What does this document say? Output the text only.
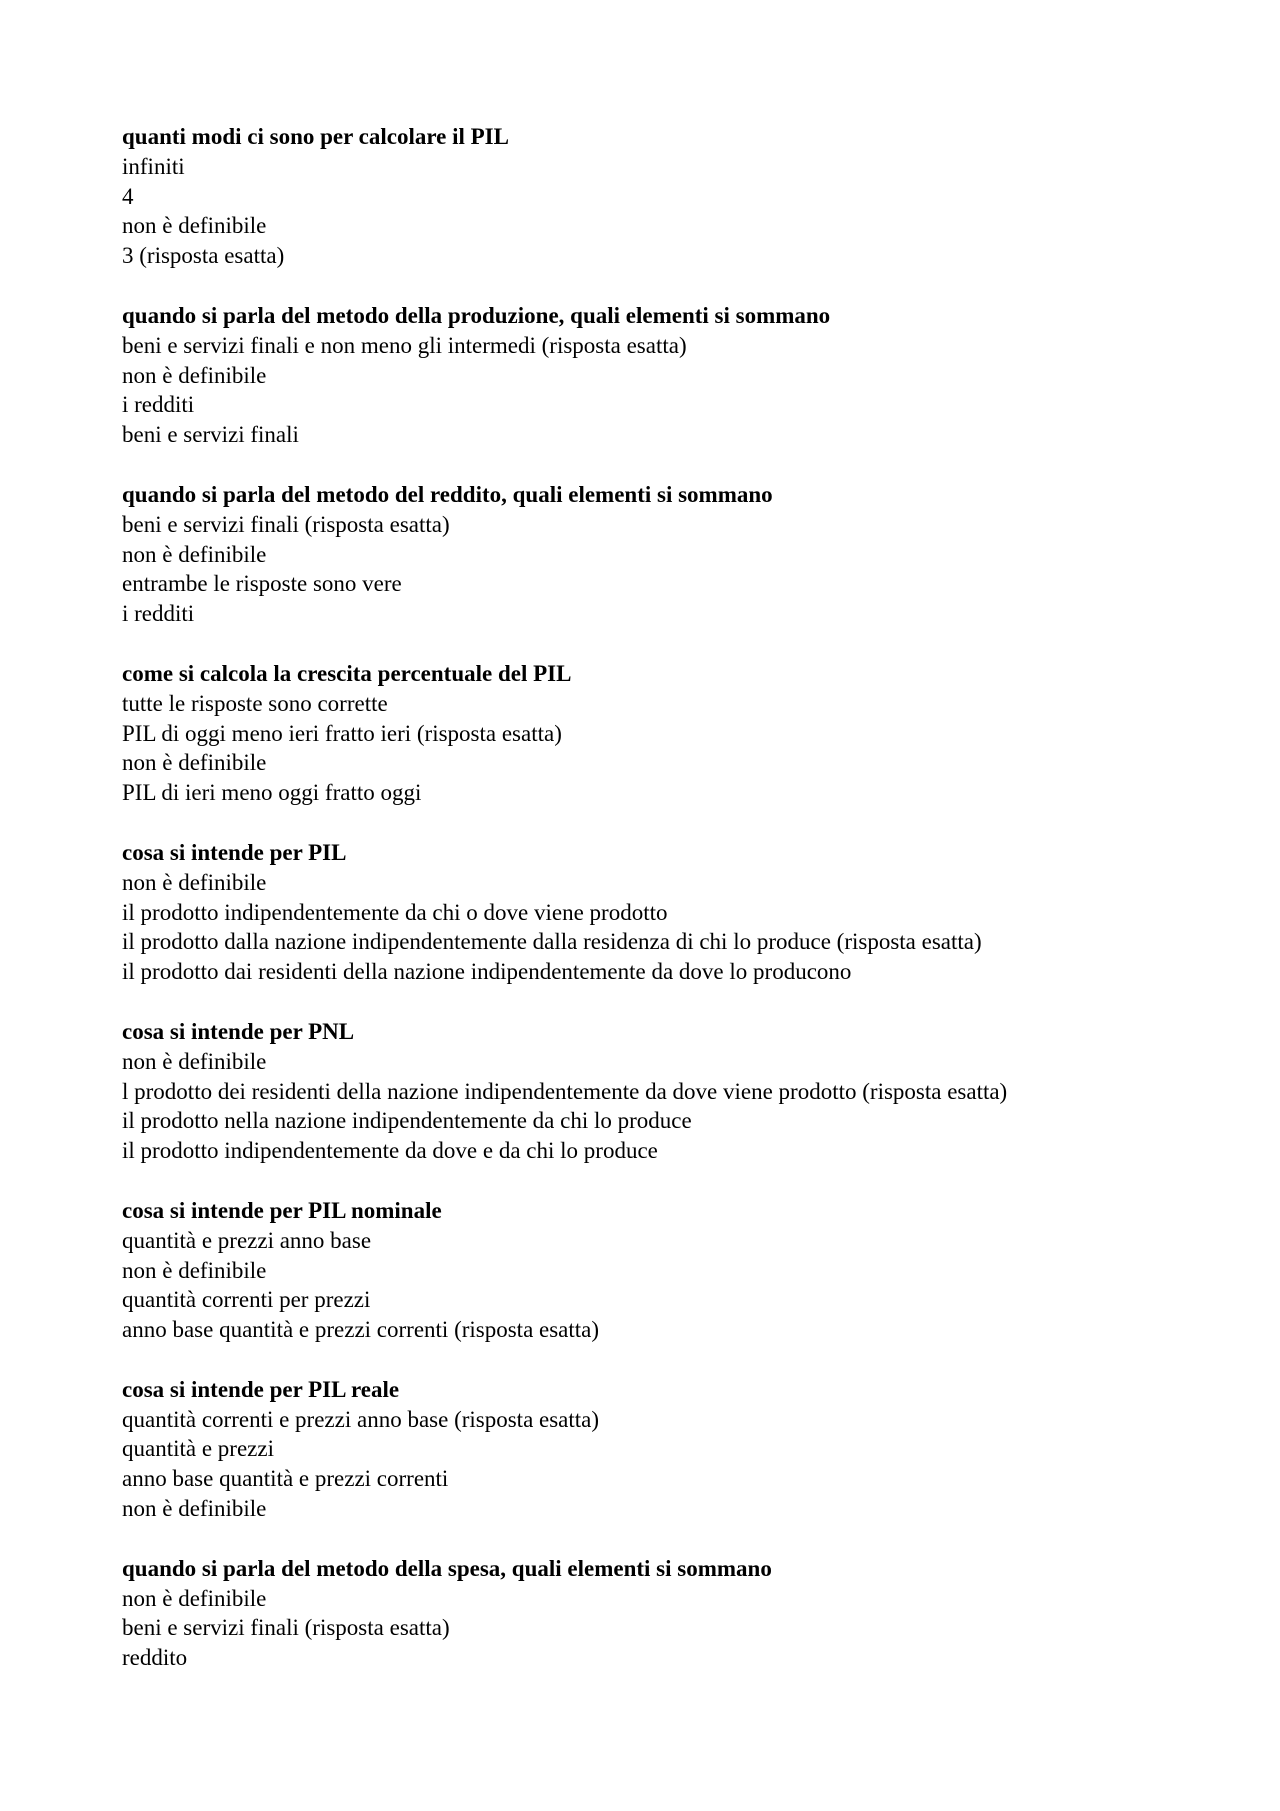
quanti modi ci sono per calcolare il PIL
infiniti
4
non è definibile
3 (risposta esatta)
quando si parla del metodo della produzione, quali elementi si sommano
beni e servizi finali e non meno gli intermedi (risposta esatta)
non è definibile
i redditi
beni e servizi finali
quando si parla del metodo del reddito, quali elementi si sommano
beni e servizi finali (risposta esatta)
non è definibile
entrambe le risposte sono vere
i redditi
come si calcola la crescita percentuale del PIL
tutte le risposte sono corrette
PIL di oggi meno ieri fratto ieri (risposta esatta)
non è definibile
PIL di ieri meno oggi fratto oggi
cosa si intende per PIL
non è definibile
il prodotto indipendentemente da chi o dove viene prodotto
il prodotto dalla nazione indipendentemente dalla residenza di chi lo produce (risposta esatta)
il prodotto dai residenti della nazione indipendentemente da dove lo producono
cosa si intende per PNL
non è definibile
l prodotto dei residenti della nazione indipendentemente da dove viene prodotto (risposta esatta)
il prodotto nella nazione indipendentemente da chi lo produce
il prodotto indipendentemente da dove e da chi lo produce
cosa si intende per PIL nominale
quantità e prezzi anno base
non è definibile
quantità correnti per prezzi
anno base quantità e prezzi correnti (risposta esatta)
cosa si intende per PIL reale
quantità correnti e prezzi anno base (risposta esatta)
quantità e prezzi
anno base quantità e prezzi correnti
non è definibile
quando si parla del metodo della spesa, quali elementi si sommano
non è definibile
beni e servizi finali (risposta esatta)
reddito
